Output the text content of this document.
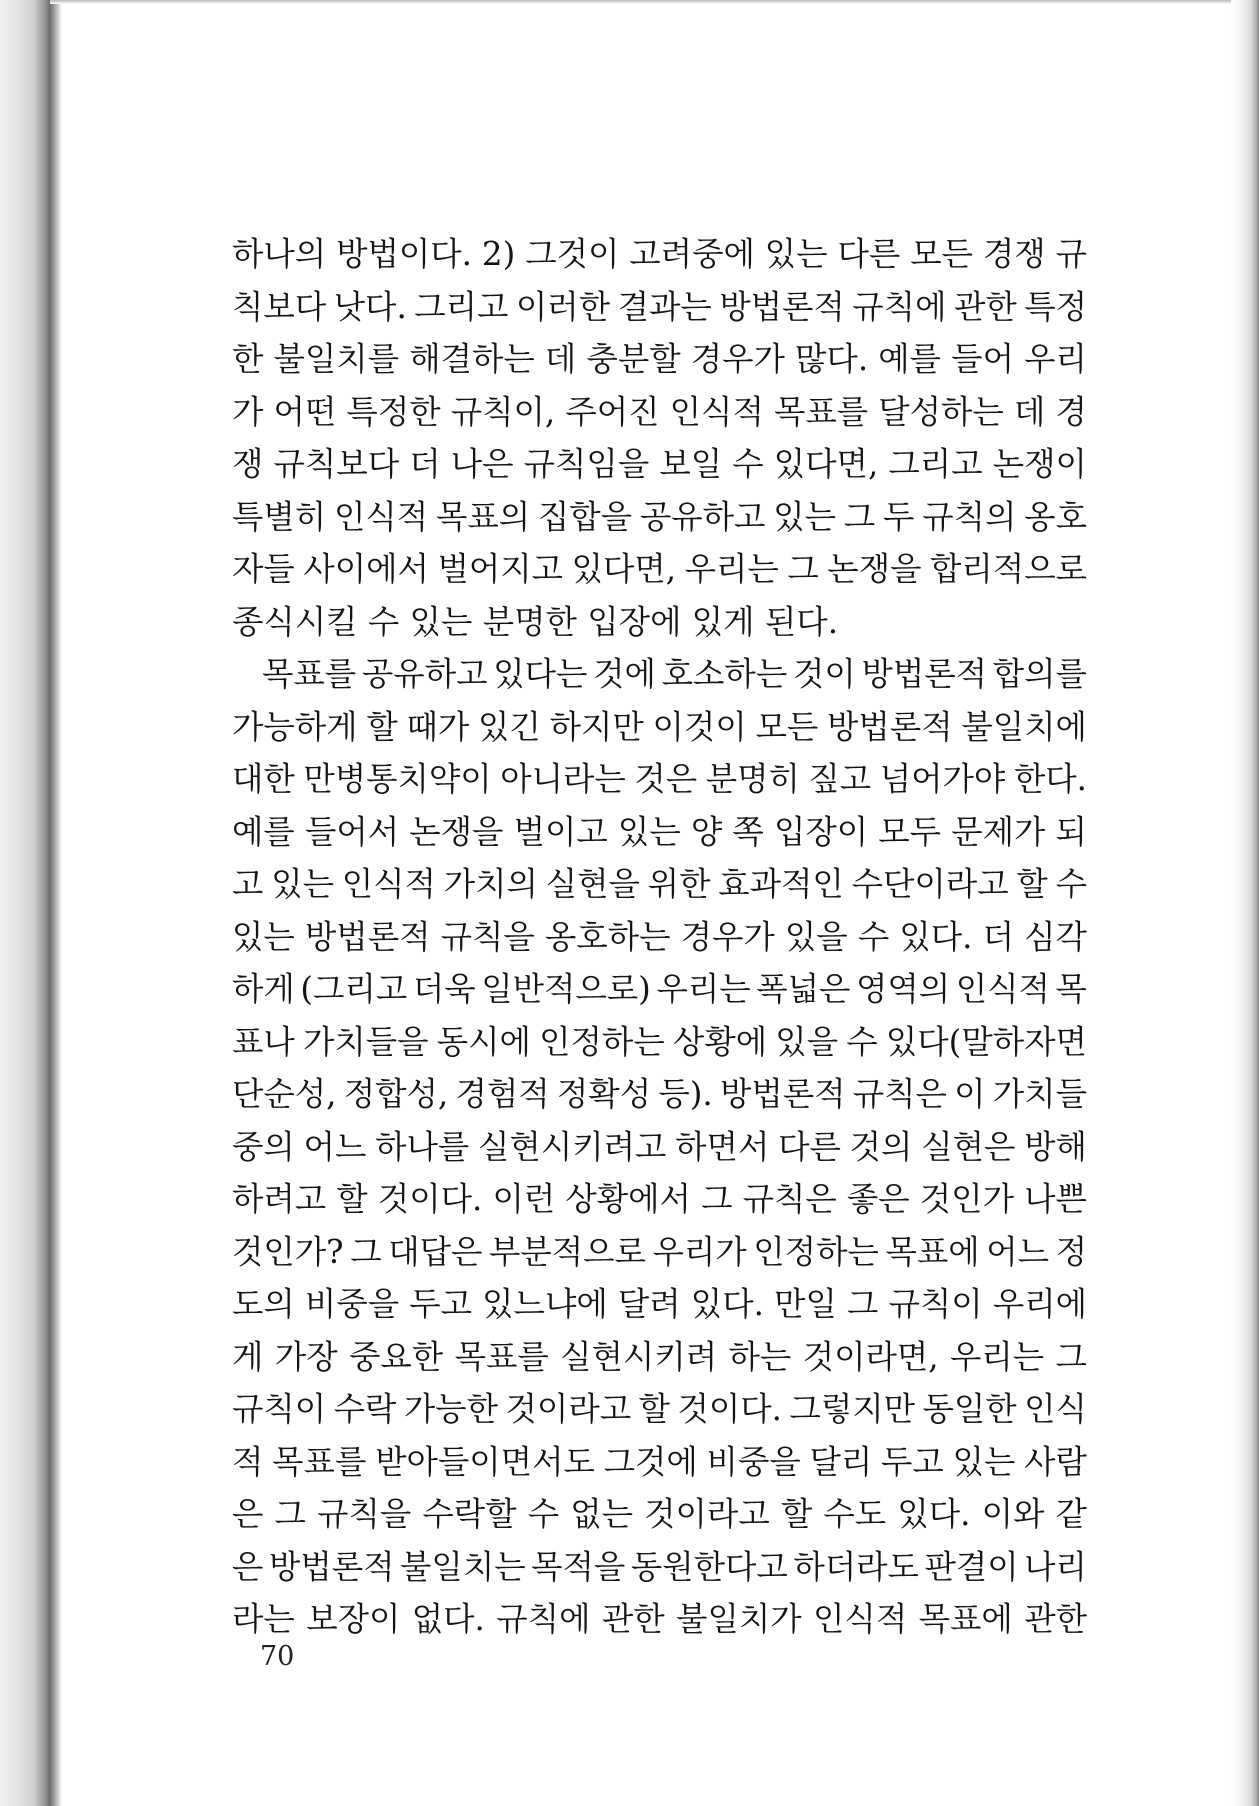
하나의 방법이다. 2) 그것이 고려중에 있는 다른 모든 경쟁 규
칙보다 낫다. 그리고 이러한 결과는 방법론적 규칙에 관한 특정
한 불일치를 해결하는 데 충분할 경우가 많다. 예를 들어 우리
가 어떤 특정한 규칙이, 주어진 인식적 목표를 달성하는 데 경
쟁 규칙보다 더 나은 규칙임을 보일 수 있다면, 그리고 논쟁이
특별히 인식적 목표의 집합을 공유하고 있는 그 두 규칙의 옹호
자들 사이에서 벌어지고 있다면, 우리는 그 논쟁을 합리적으로
종식시킬 수 있는 분명한 입장에 있게 된다.
목표를 공유하고 있다는 것에 호소하는 것이 방법론적 합의를
가능하게 할 때가 있긴 하지만 이것이 모든 방법론적 불일치에
대한 만병통치약이 아니라는 것은 분명히 짚고 넘어가야 한다.
예를 들어서 논쟁을 벌이고 있는 양 쪽 입장이 모두 문제가 되
고 있는 인식적 가치의 실현을 위한 효과적인 수단이라고 할 수
있는 방법론적 규칙을 옹호하는 경우가 있을 수 있다. 더 심각
하게 (그리고 더욱 일반적으로) 우리는 폭넓은 영역의 인식적 목
표나 가치들을 동시에 인정하는 상황에 있을 수 있다(말하자면
단순성, 정합성, 경험적 정확성 등). 방법론적 규칙은 이 가치들
중의 어느 하나를 실현시키려고 하면서 다른 것의 실현은 방해
하려고 할 것이다. 이런 상황에서 그 규칙은 좋은 것인가 나쁜
것인가? 그 대답은 부분적으로 우리가 인정하는 목표에 어느 정
도의 비중을 두고 있느냐에 달려 있다. 만일 그 규칙이 우리에
게 가장 중요한 목표를 실현시키려 하는 것이라면, 우리는 그
규칙이 수락 가능한 것이라고 할 것이다. 그렇지만 동일한 인식
적 목표를 받아들이면서도 그것에 비중을 달리 두고 있는 사람
은 그 규칙을 수락할 수 없는 것이라고 할 수도 있다. 이와 같
은 방법론적 불일치는 목적을 동원한다고 하더라도 판결이 나리
라는 보장이 없다. 규칙에 관한 불일치가 인식적 목표에 관한
70
